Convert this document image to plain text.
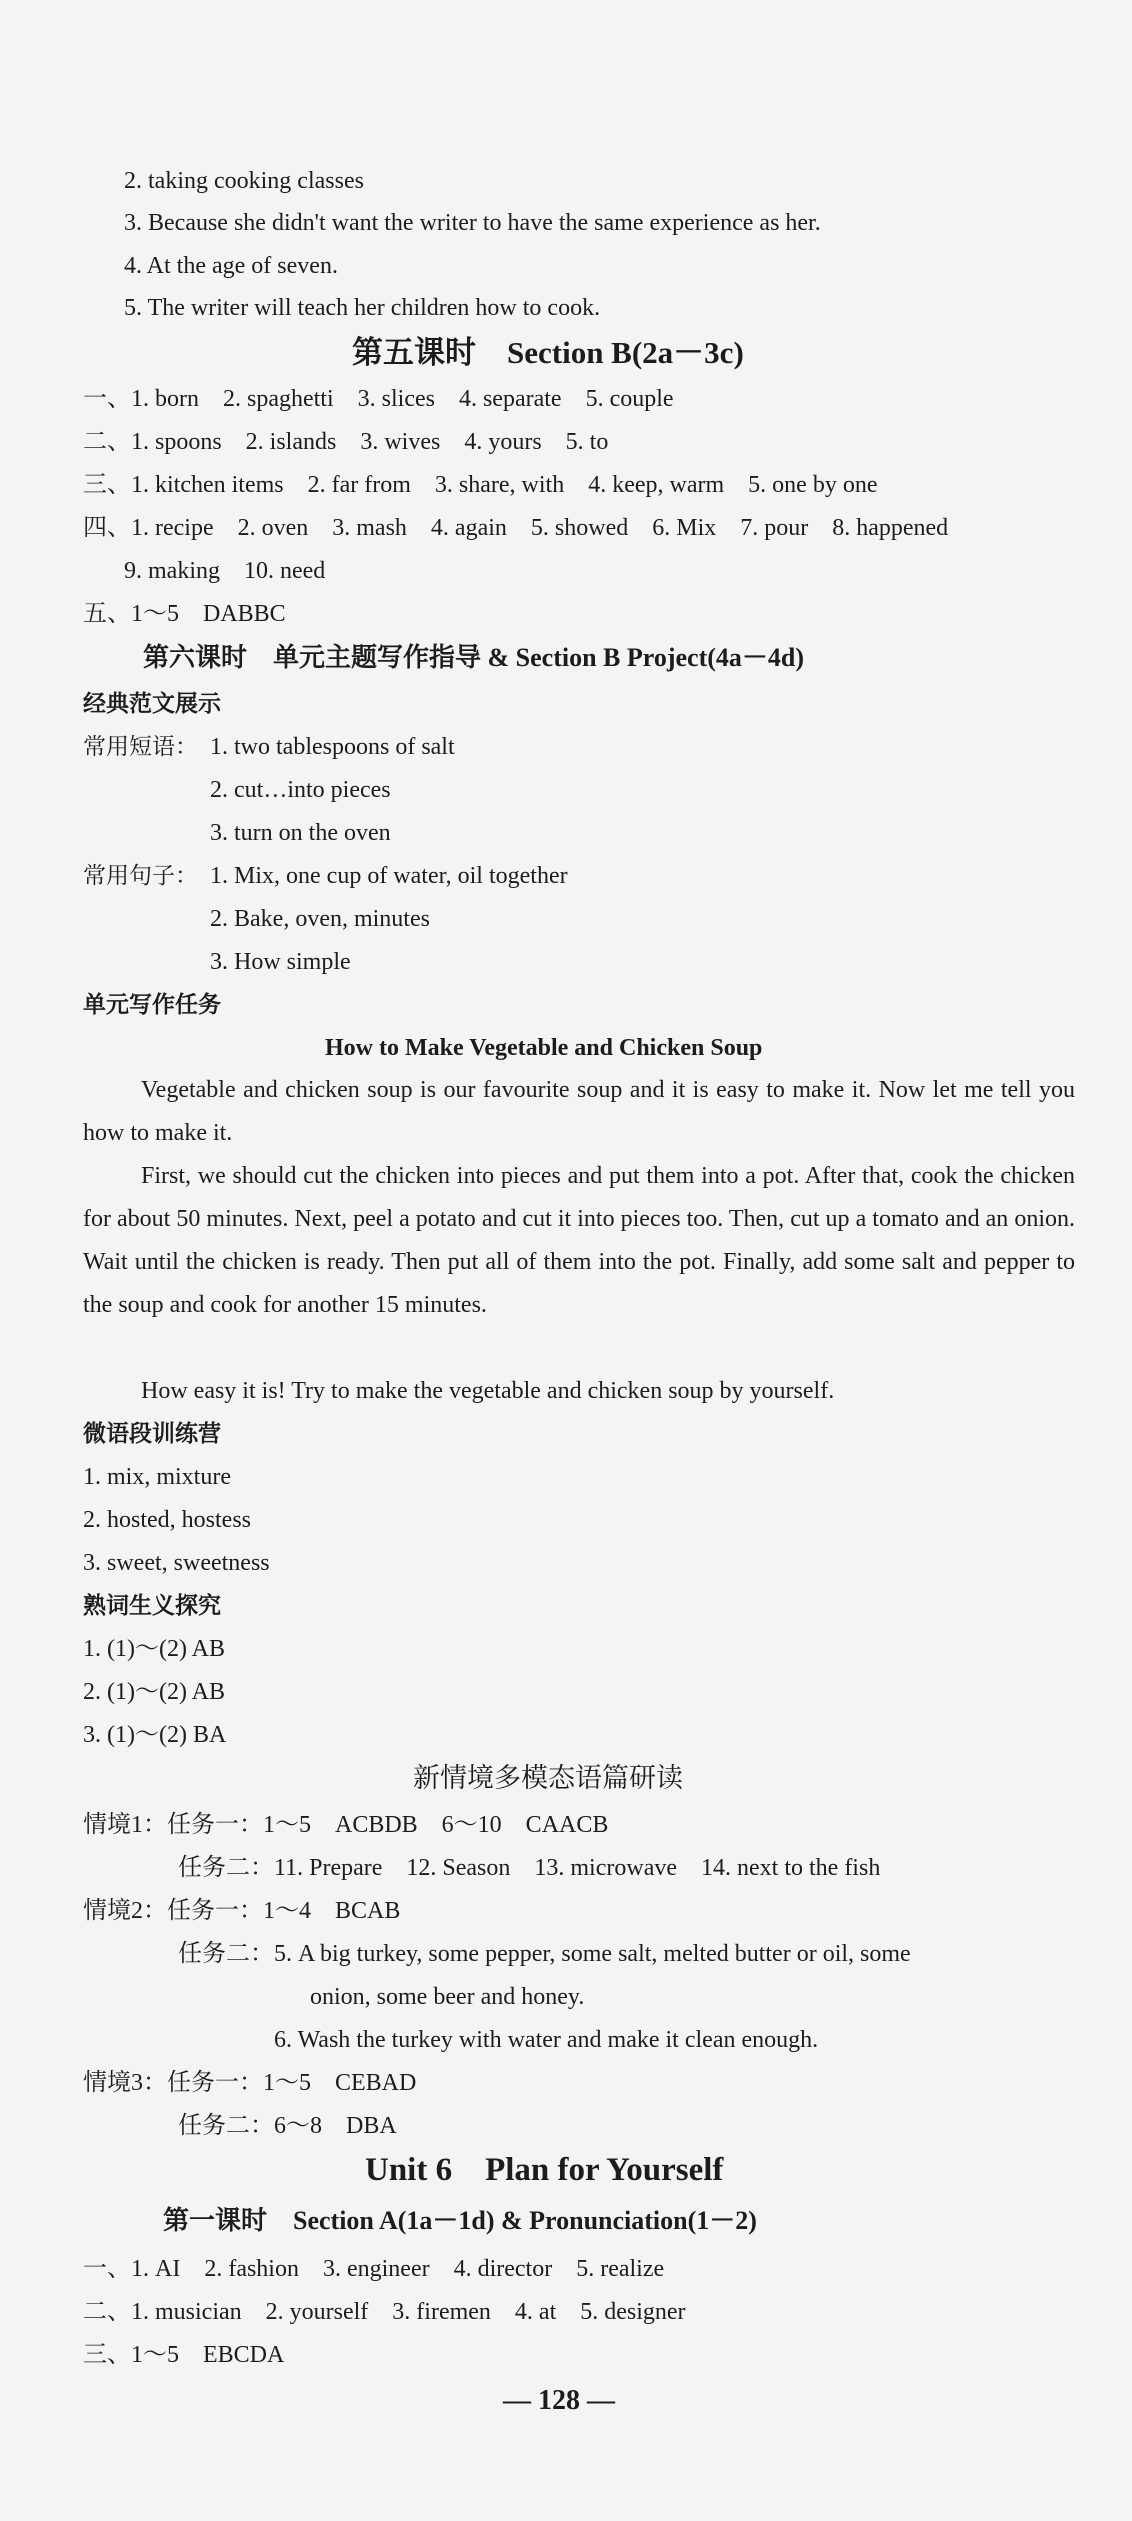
2. taking cooking classes
3. Because she didn't want the writer to have the same experience as her.
4. At the age of seven.
5. The writer will teach her children how to cook.
第五课时　Section B(2a－3c)
一、1. born　2. spaghetti　3. slices　4. separate　5. couple
二、1. spoons　2. islands　3. wives　4. yours　5. to
三、1. kitchen items　2. far from　3. share, with　4. keep, warm　5. one by one
四、1. recipe　2. oven　3. mash　4. again　5. showed　6. Mix　7. pour　8. happened
9. making　10. need
五、1～5　DABBC
第六课时　单元主题写作指导 & Section B Project(4a－4d)
经典范文展示
常用短语： 1. two tablespoons of salt
2. cut…into pieces
3. turn on the oven
常用句子： 1. Mix, one cup of water, oil together
2. Bake, oven, minutes
3. How simple
单元写作任务
How to Make Vegetable and Chicken Soup
Vegetable and chicken soup is our favourite soup and it is easy to make it. Now let me tell you how to make it.
First, we should cut the chicken into pieces and put them into a pot. After that, cook the chicken for about 50 minutes. Next, peel a potato and cut it into pieces too. Then, cut up a tomato and an onion. Wait until the chicken is ready. Then put all of them into the pot. Finally, add some salt and pepper to the soup and cook for another 15 minutes.
How easy it is! Try to make the vegetable and chicken soup by yourself.
微语段训练营
1. mix, mixture
2. hosted, hostess
3. sweet, sweetness
熟词生义探究
1. (1)～(2) AB
2. (1)～(2) AB
3. (1)～(2) BA
新情境多模态语篇研读
情境1：任务一：1～5　ACBDB　6～10　CAACB
任务二：11. Prepare　12. Season　13. microwave　14. next to the fish
情境2：任务一：1～4　BCAB
任务二：5. A big turkey, some pepper, some salt, melted butter or oil, some
onion, some beer and honey.
6. Wash the turkey with water and make it clean enough.
情境3：任务一：1～5　CEBAD
任务二：6～8　DBA
Unit 6　Plan for Yourself
第一课时　Section A(1a－1d) & Pronunciation(1－2)
一、1. AI　2. fashion　3. engineer　4. director　5. realize
二、1. musician　2. yourself　3. firemen　4. at　5. designer
三、1～5　EBCDA
— 128 —
